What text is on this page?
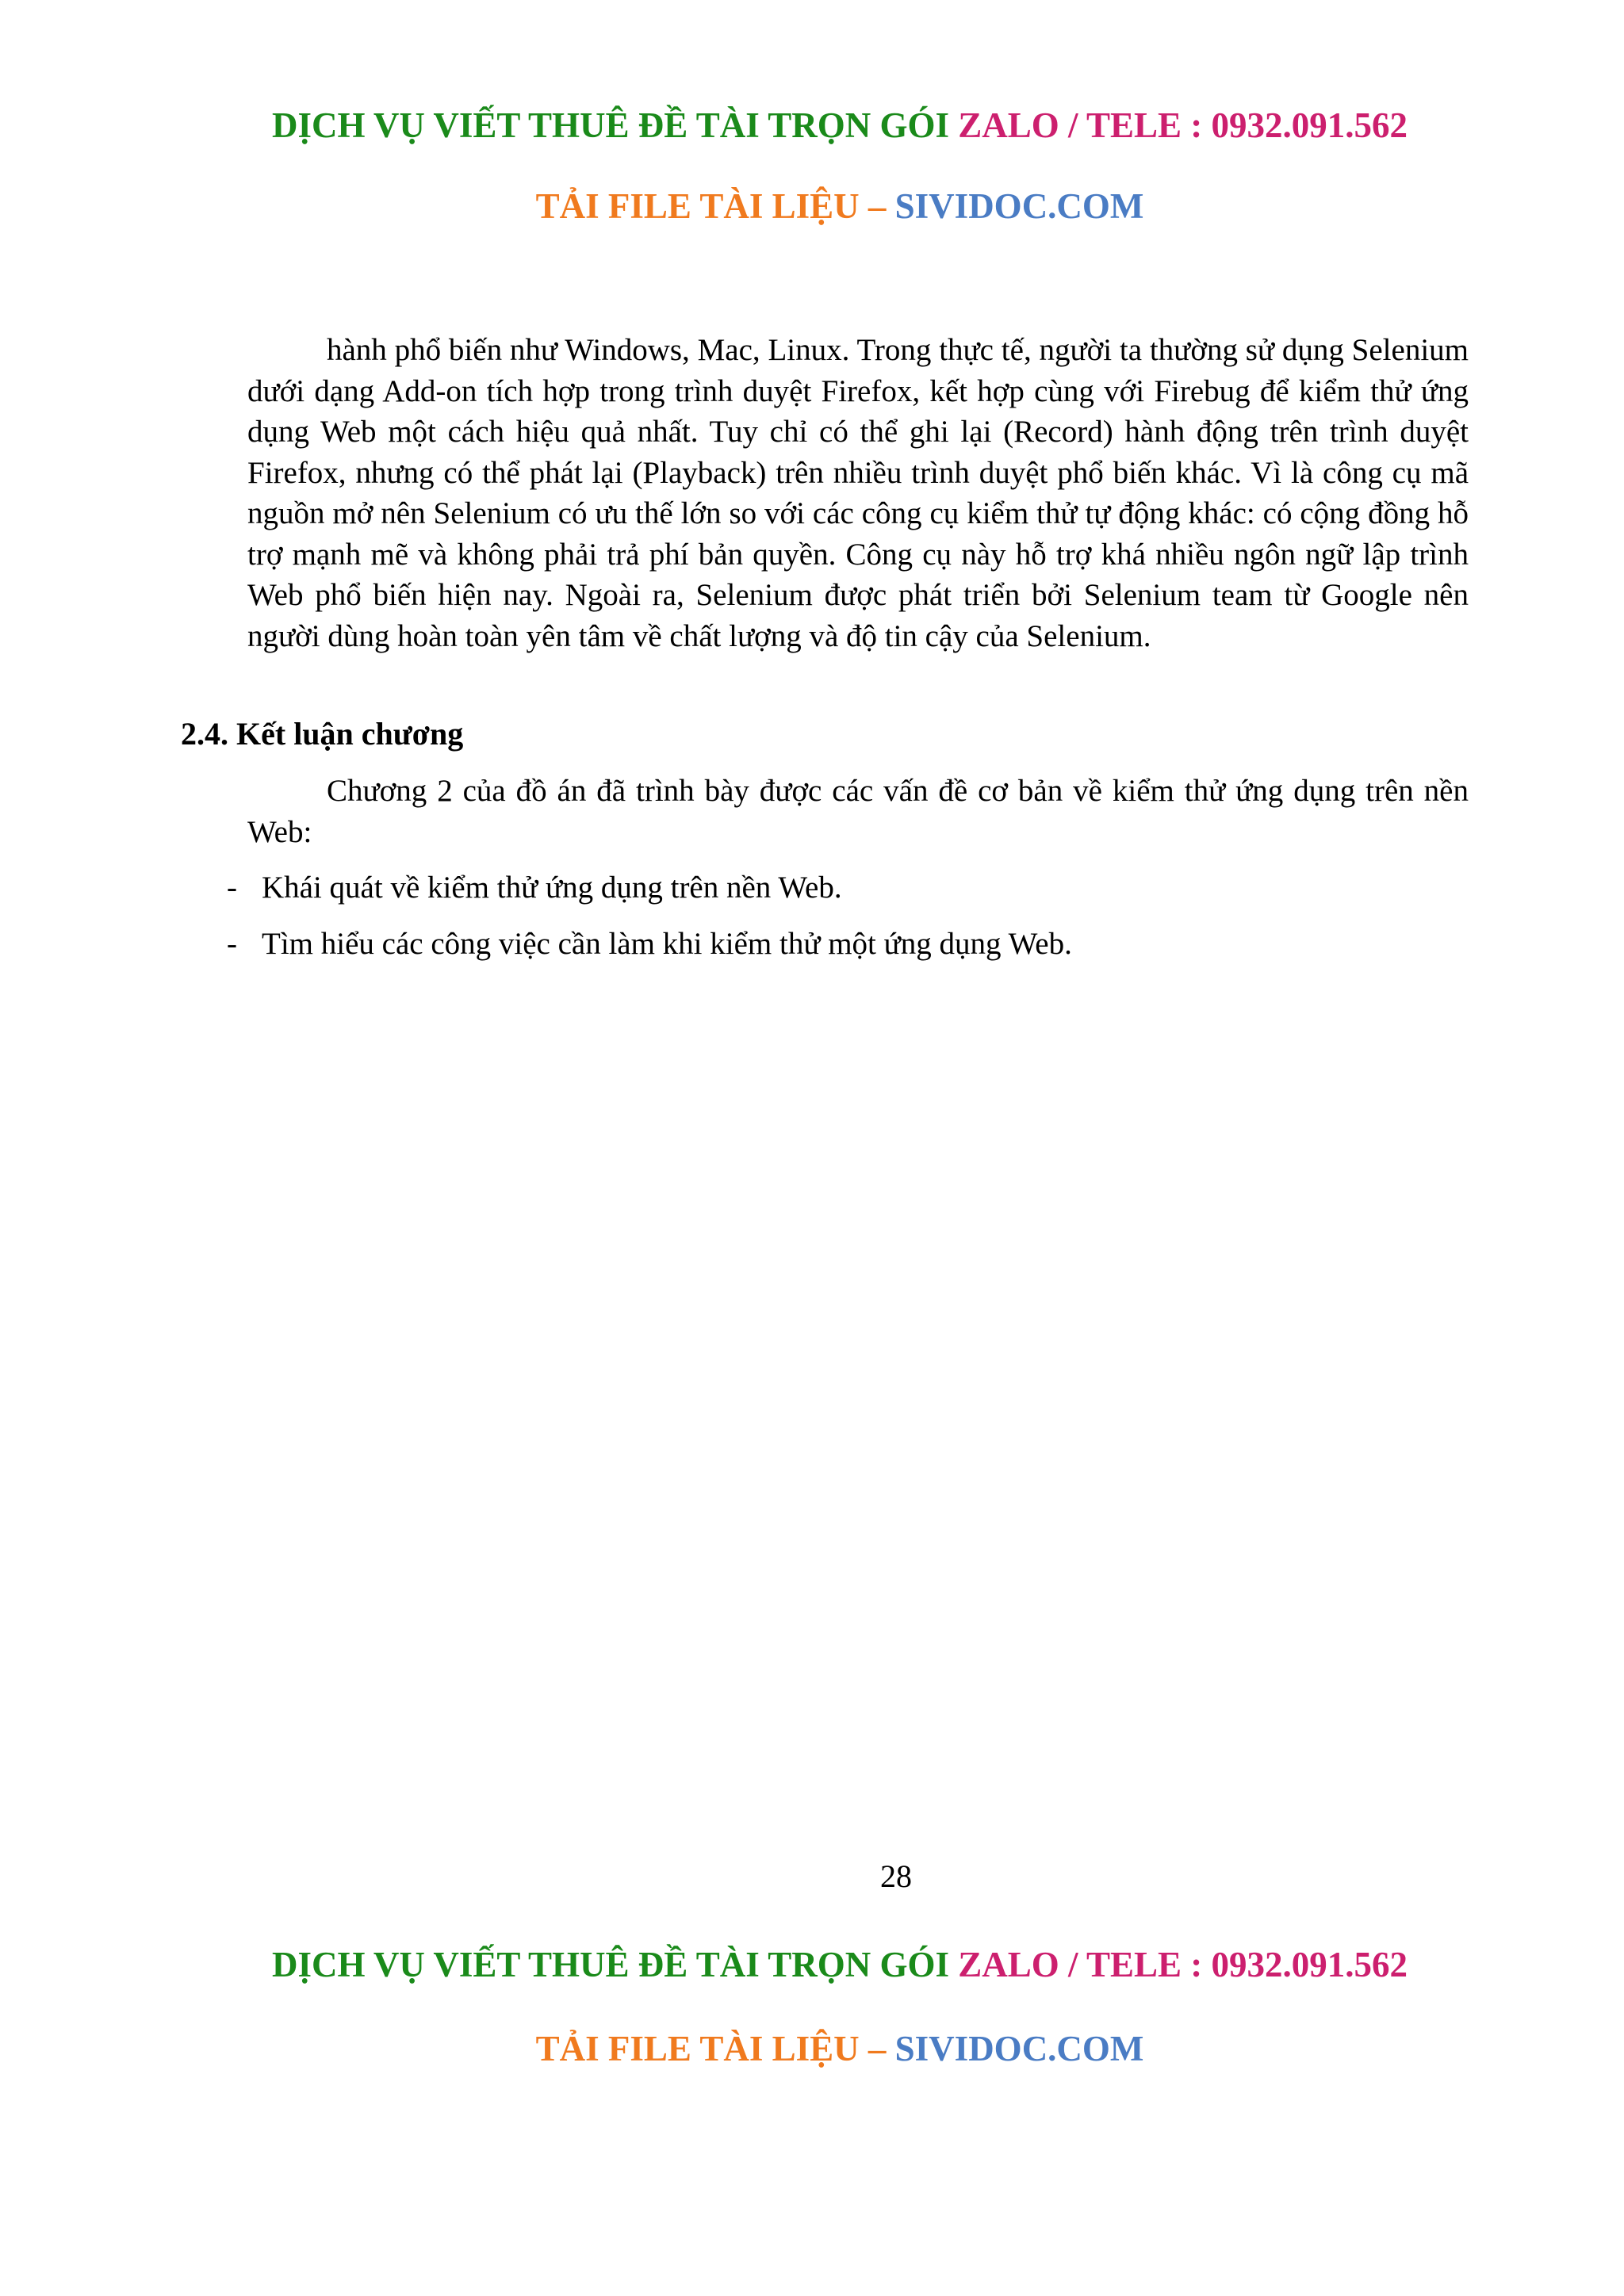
DỊCH VỤ VIẾT THUÊ ĐỀ TÀI TRỌN GÓI ZALO / TELE : 0932.091.562
TẢI FILE TÀI LIỆU – SIVIDOC.COM

hành phổ biến như Windows, Mac, Linux. Trong thực tế, người ta thường sử dụng Selenium dưới dạng Add-on tích hợp trong trình duyệt Firefox, kết hợp cùng với Firebug để kiểm thử ứng dụng Web một cách hiệu quả nhất. Tuy chỉ có thể ghi lại (Record) hành động trên trình duyệt Firefox, nhưng có thể phát lại (Playback) trên nhiều trình duyệt phổ biến khác. Vì là công cụ mã nguồn mở nên Selenium có ưu thế lớn so với các công cụ kiểm thử tự động khác: có cộng đồng hỗ trợ mạnh mẽ và không phải trả phí bản quyền. Công cụ này hỗ trợ khá nhiều ngôn ngữ lập trình Web phổ biến hiện nay. Ngoài ra, Selenium được phát triển bởi Selenium team từ Google nên người dùng hoàn toàn yên tâm về chất lượng và độ tin cậy của Selenium.

2.4. Kết luận chương

Chương 2 của đồ án đã trình bày được các vấn đề cơ bản về kiểm thử ứng dụng trên nền Web:

- Khái quát về kiểm thử ứng dụng trên nền Web.
- Tìm hiểu các công việc cần làm khi kiểm thử một ứng dụng Web.
28
DỊCH VỤ VIẾT THUÊ ĐỀ TÀI TRỌN GÓI ZALO / TELE : 0932.091.562
TẢI FILE TÀI LIỆU – SIVIDOC.COM
